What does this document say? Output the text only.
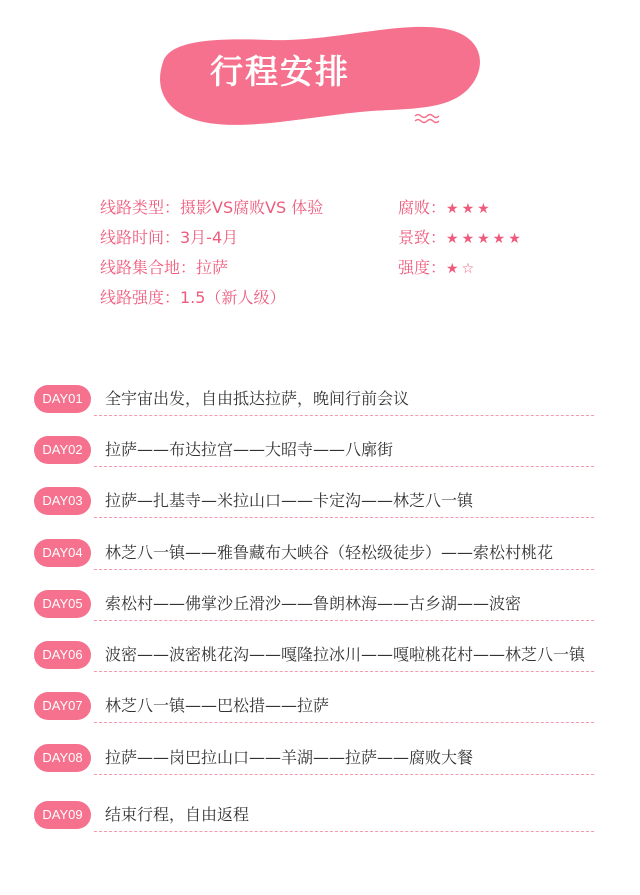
行程安排
线路类型：摄影VS腐败VS 体验
线路时间：3月-4月
线路集合地：拉萨
线路强度：1.5（新人级）
腐败：★★★
景致：★★★★★
强度：★☆
DAY01	全宇宙出发，自由抵达拉萨，晚间行前会议
DAY02	拉萨——布达拉宫——大昭寺——八廓街
DAY03	拉萨—扎基寺—米拉山口——卡定沟——林芝八一镇
DAY04	林芝八一镇——雅鲁藏布大峡谷（轻松级徒步）——索松村桃花
DAY05	索松村——佛掌沙丘滑沙——鲁朗林海——古乡湖——波密
DAY06	波密——波密桃花沟——嘎隆拉冰川——嘎啦桃花村——林芝八一镇
DAY07	林芝八一镇——巴松措——拉萨
DAY08	拉萨——岗巴拉山口——羊湖——拉萨——腐败大餐
DAY09	结束行程，自由返程
